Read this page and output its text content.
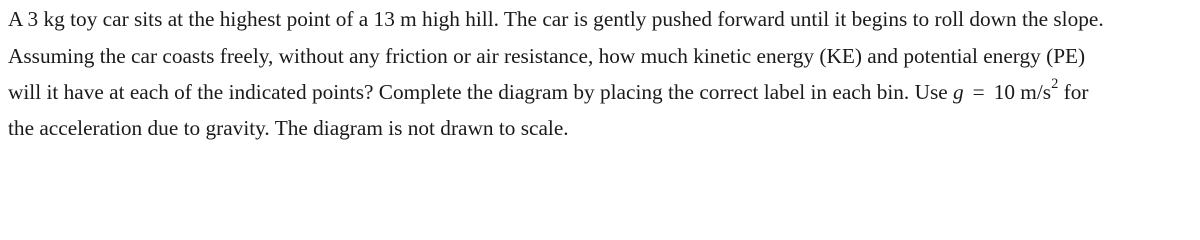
A 3 kg toy car sits at the highest point of a 13 m high hill. The car is gently pushed forward until it begins to roll down the slope.
Assuming the car coasts freely, without any friction or air resistance, how much kinetic energy (KE) and potential energy (PE)
will it have at each of the indicated points? Complete the diagram by placing the correct label in each bin. Use g = 10 $m/s^2$ for
the acceleration due to gravity. The diagram is not drawn to scale.
